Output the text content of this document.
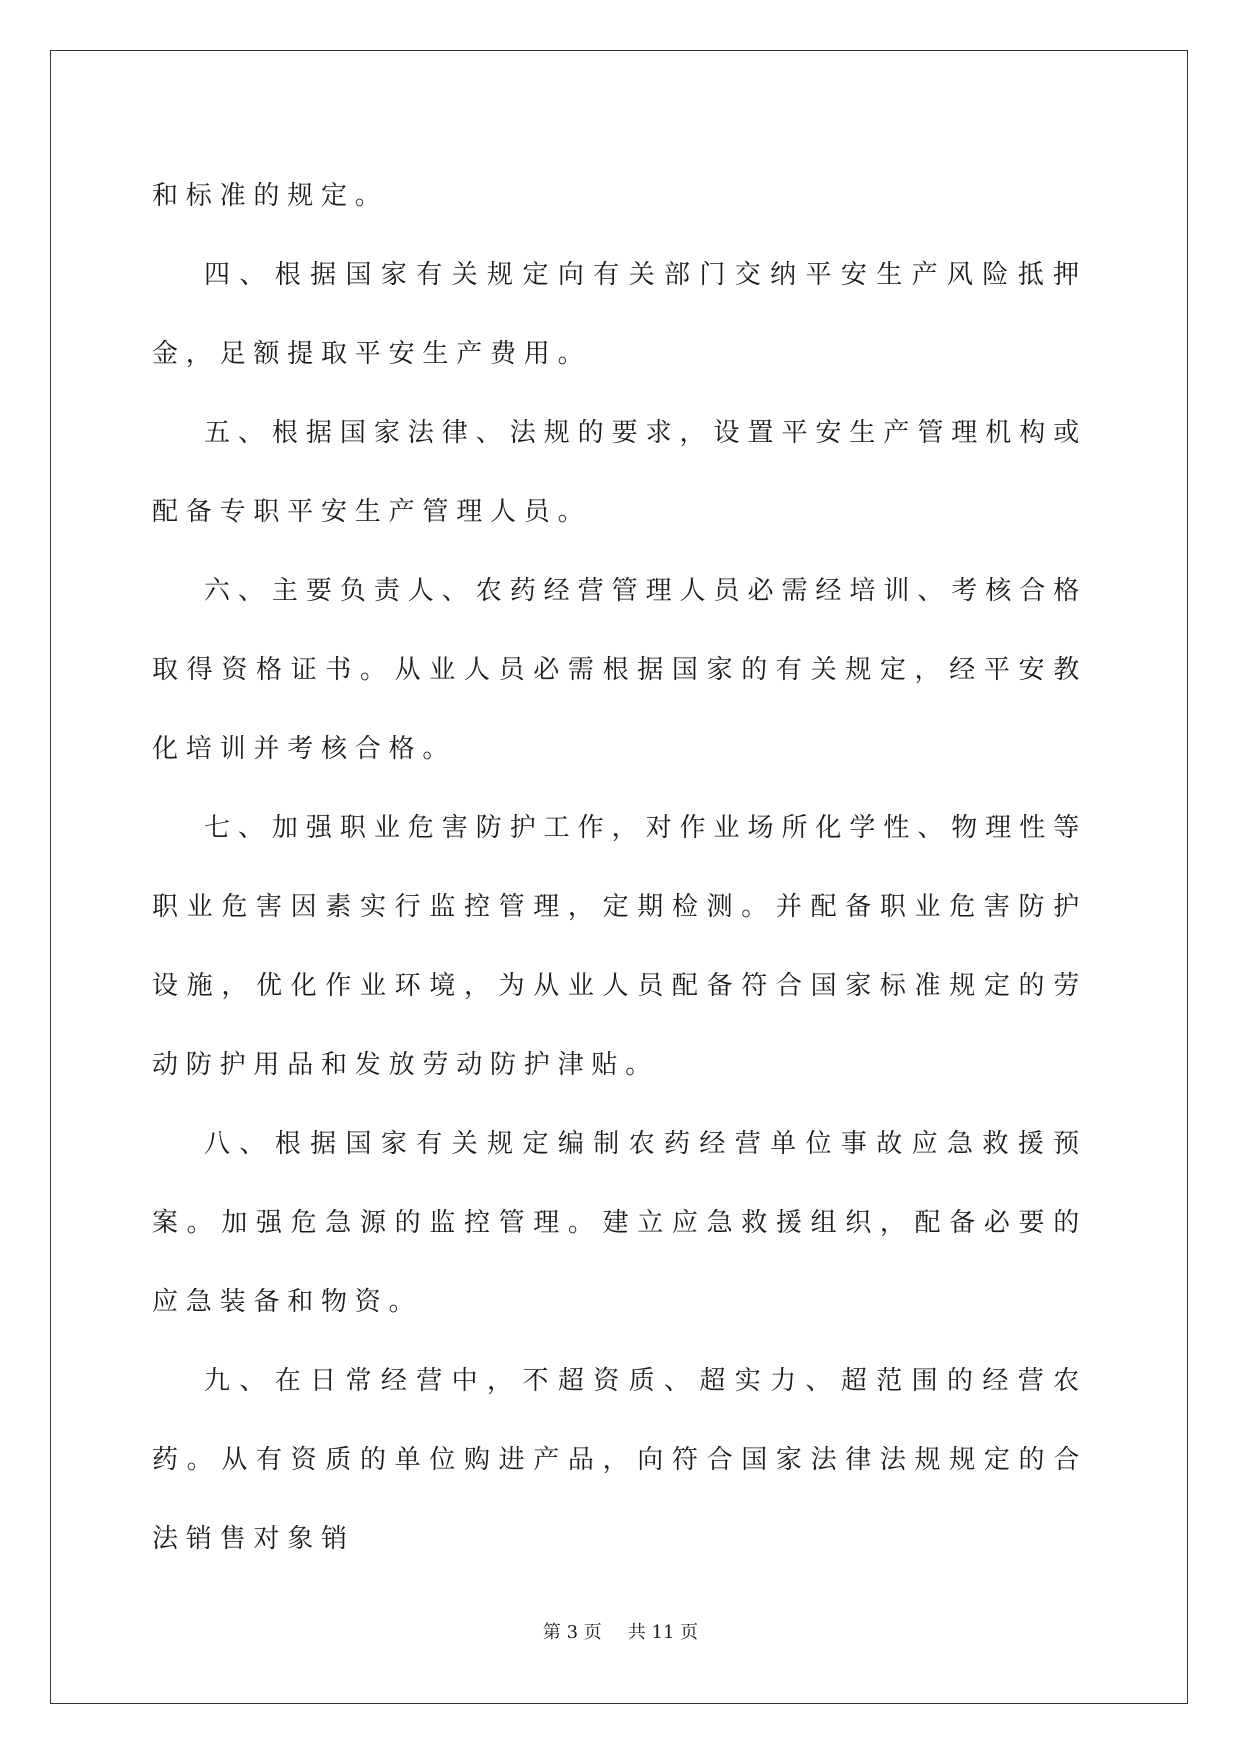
和标准的规定。

四、根据国家有关规定向有关部门交纳平安生产风险抵押金，足额提取平安生产费用。

五、根据国家法律、法规的要求，设置平安生产管理机构或配备专职平安生产管理人员。

六、主要负责人、农药经营管理人员必需经培训、考核合格取得资格证书。从业人员必需根据国家的有关规定，经平安教化培训并考核合格。

七、加强职业危害防护工作，对作业场所化学性、物理性等职业危害因素实行监控管理，定期检测。并配备职业危害防护设施，优化作业环境，为从业人员配备符合国家标准规定的劳动防护用品和发放劳动防护津贴。

八、根据国家有关规定编制农药经营单位事故应急救援预案。加强危急源的监控管理。建立应急救援组织，配备必要的应急装备和物资。

九、在日常经营中，不超资质、超实力、超范围的经营农药。从有资质的单位购进产品，向符合国家法律法规规定的合法销售对象销

第 3 页 共 11 页
